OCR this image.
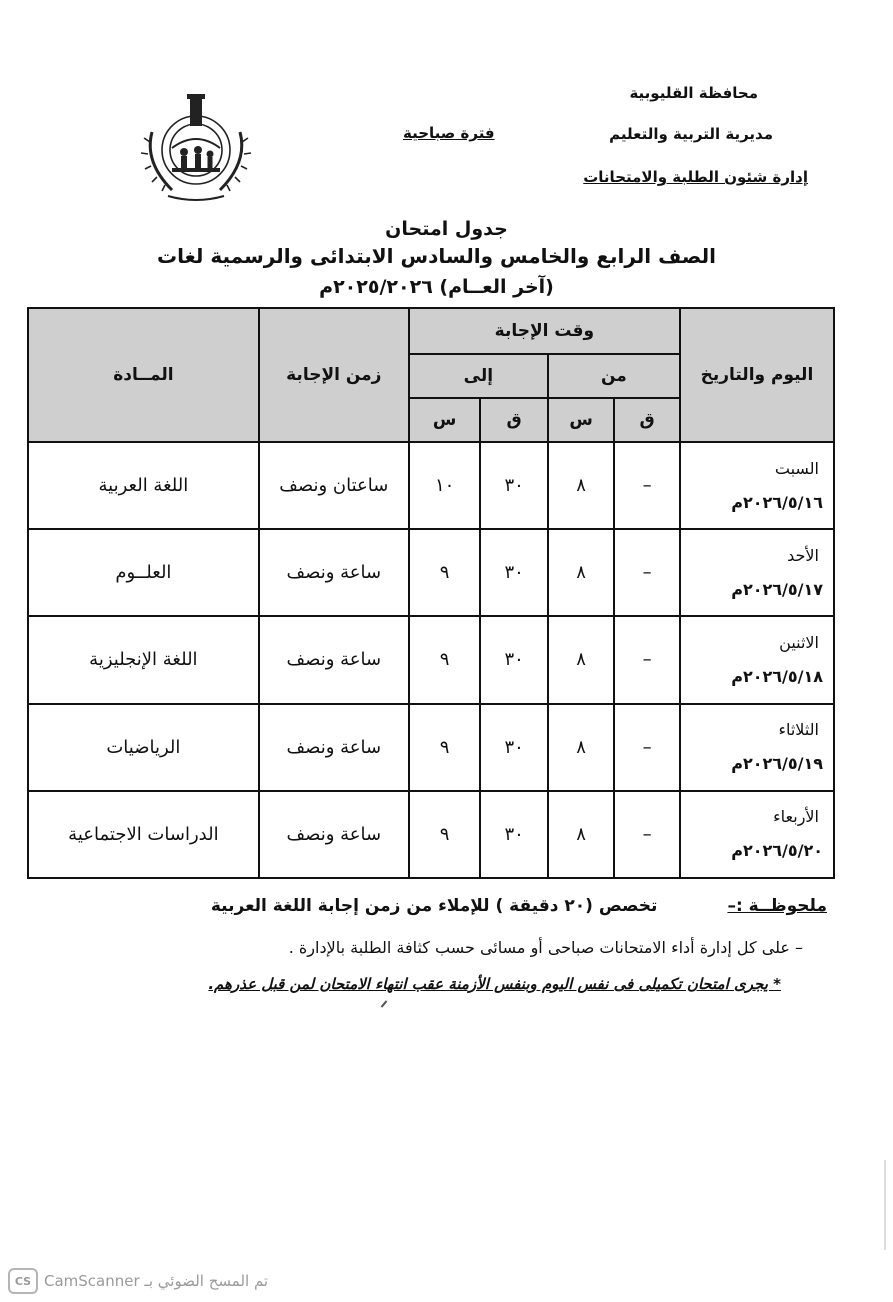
محافظة القليوبية
مديرية التربية والتعليم
إدارة شئون الطلبة والامتحانات
فترة صباحية
جدول امتحان
الصف الرابع والخامس والسادس الابتدائى والرسمية لغات
(آخر العــام) ٢٠٢٥/٢٠٢٦م
اليوم والتاريخ	وقت الإجابة				زمن الإجابة	المــادة
	من		إلى			
	ق	س	ق	س		

السبت
٢٠٢٦/٥/١٦م	–	٨	٣٠	١٠	ساعتان ونصف	اللغة العربية

الأحد
٢٠٢٦/٥/١٧م	–	٨	٣٠	٩	ساعة ونصف	العلــوم

الاثنين
٢٠٢٦/٥/١٨م	–	٨	٣٠	٩	ساعة ونصف	اللغة الإنجليزية

الثلاثاء
٢٠٢٦/٥/١٩م	–	٨	٣٠	٩	ساعة ونصف	الرياضيات

الأربعاء
٢٠٢٦/٥/٢٠م	–	٨	٣٠	٩	ساعة ونصف	الدراسات الاجتماعية
ملحوظــة :–
تخصص (٢٠ دقيقة ) للإملاء من زمن إجابة اللغة العربية
– على كل إدارة أداء الامتحانات صباحى أو مسائى حسب كثافة الطلبة بالإدارة .
* يجرى امتحان تكميلى فى نفس اليوم وبنفس الأزمنة عقب انتهاء الامتحان لمن قبل عذرهم.
CS تم المسح الضوئي بـ CamScanner
